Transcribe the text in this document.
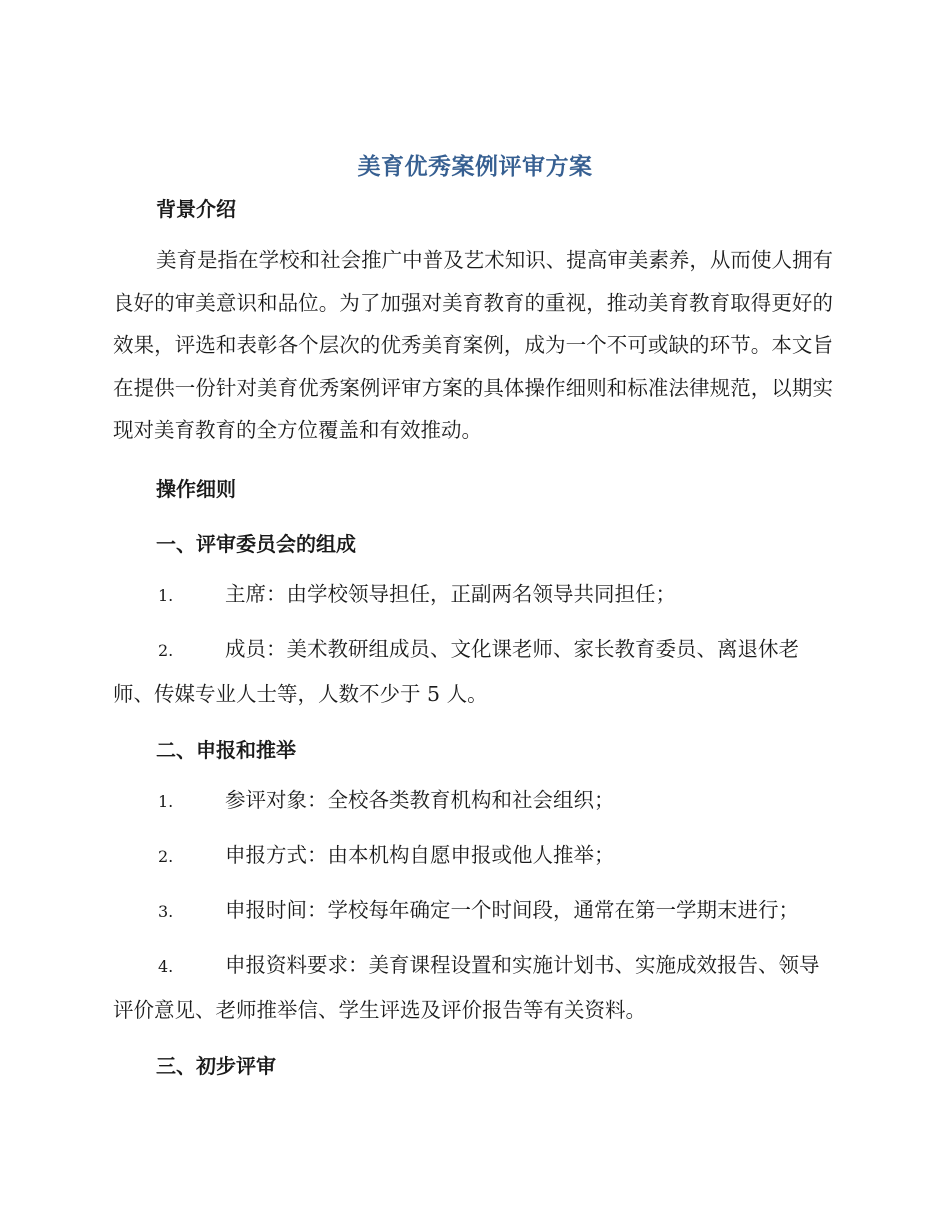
美育优秀案例评审方案
背景介绍

美育是指在学校和社会推广中普及艺术知识、提高审美素养，从而使人拥有良好的审美意识和品位。为了加强对美育教育的重视，推动美育教育取得更好的效果，评选和表彰各个层次的优秀美育案例，成为一个不可或缺的环节。本文旨在提供一份针对美育优秀案例评审方案的具体操作细则和标准法律规范，以期实现对美育教育的全方位覆盖和有效推动。

操作细则
一、评审委员会的组成

1.	主席：由学校领导担任，正副两名领导共同担任；

2.	成员：美术教研组成员、文化课老师、家长教育委员、离退休老师、传媒专业人士等，人数不少于 5 人。

二、申报和推举

1.	参评对象：全校各类教育机构和社会组织；

2.	申报方式：由本机构自愿申报或他人推举；

3.	申报时间：学校每年确定一个时间段，通常在第一学期末进行；

4.	申报资料要求：美育课程设置和实施计划书、实施成效报告、领导评价意见、老师推举信、学生评选及评价报告等有关资料。

三、初步评审
